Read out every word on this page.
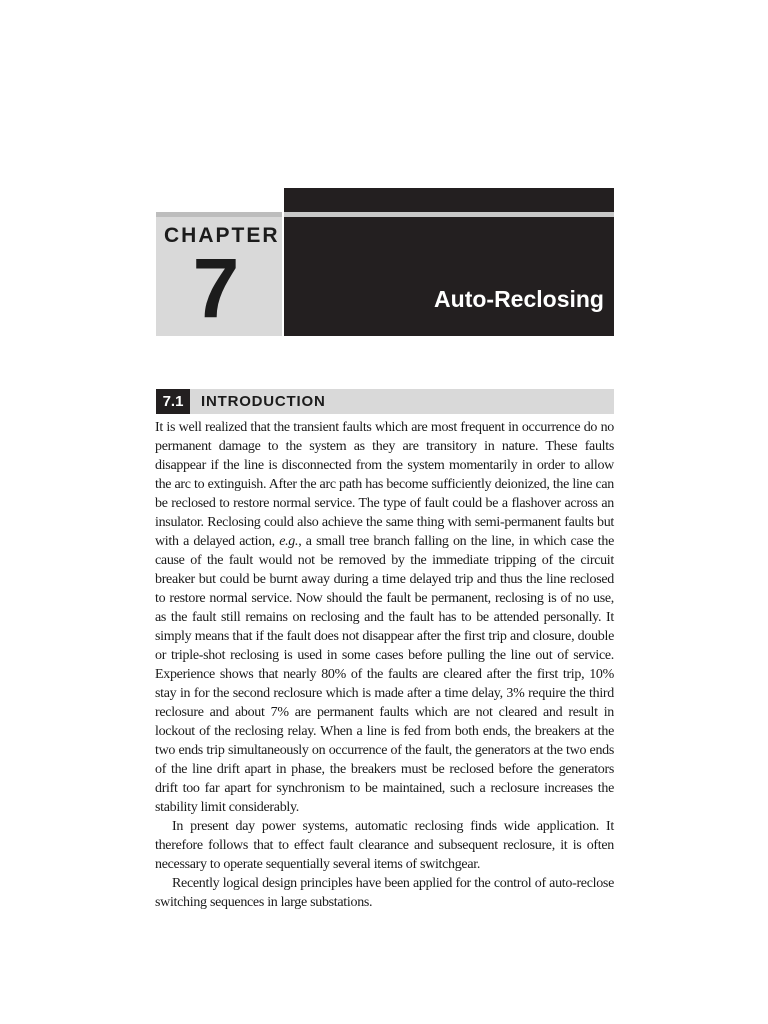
CHAPTER
7	Auto-Reclosing
7.1	INTRODUCTION

It is well realized that the transient faults which are most frequent in occurrence do no permanent damage to the system as they are transitory in nature. These faults disappear if the line is disconnected from the system momentarily in order to allow the arc to extinguish. After the arc path has become sufficiently deionized, the line can be reclosed to restore normal service. The type of fault could be a flashover across an insulator. Reclosing could also achieve the same thing with semi-permanent faults but with a delayed action, e.g., a small tree branch falling on the line, in which case the cause of the fault would not be removed by the immediate tripping of the circuit breaker but could be burnt away during a time delayed trip and thus the line reclosed to restore normal service. Now should the fault be permanent, reclosing is of no use, as the fault still remains on reclosing and the fault has to be attended personally. It simply means that if the fault does not disappear after the first trip and closure, double or triple-shot reclosing is used in some cases before pulling the line out of service. Experience shows that nearly 80% of the faults are cleared after the first trip, 10% stay in for the second reclosure which is made after a time delay, 3% require the third reclosure and about 7% are permanent faults which are not cleared and result in lockout of the reclosing relay. When a line is fed from both ends, the breakers at the two ends trip simultaneously on occurrence of the fault, the generators at the two ends of the line drift apart in phase, the breakers must be reclosed before the generators drift too far apart for synchronism to be maintained, such a reclosure increases the stability limit considerably.

In present day power systems, automatic reclosing finds wide application. It therefore follows that to effect fault clearance and subsequent reclosure, it is often necessary to operate sequentially several items of switchgear.

Recently logical design principles have been applied for the control of auto-reclose switching sequences in large substations.
